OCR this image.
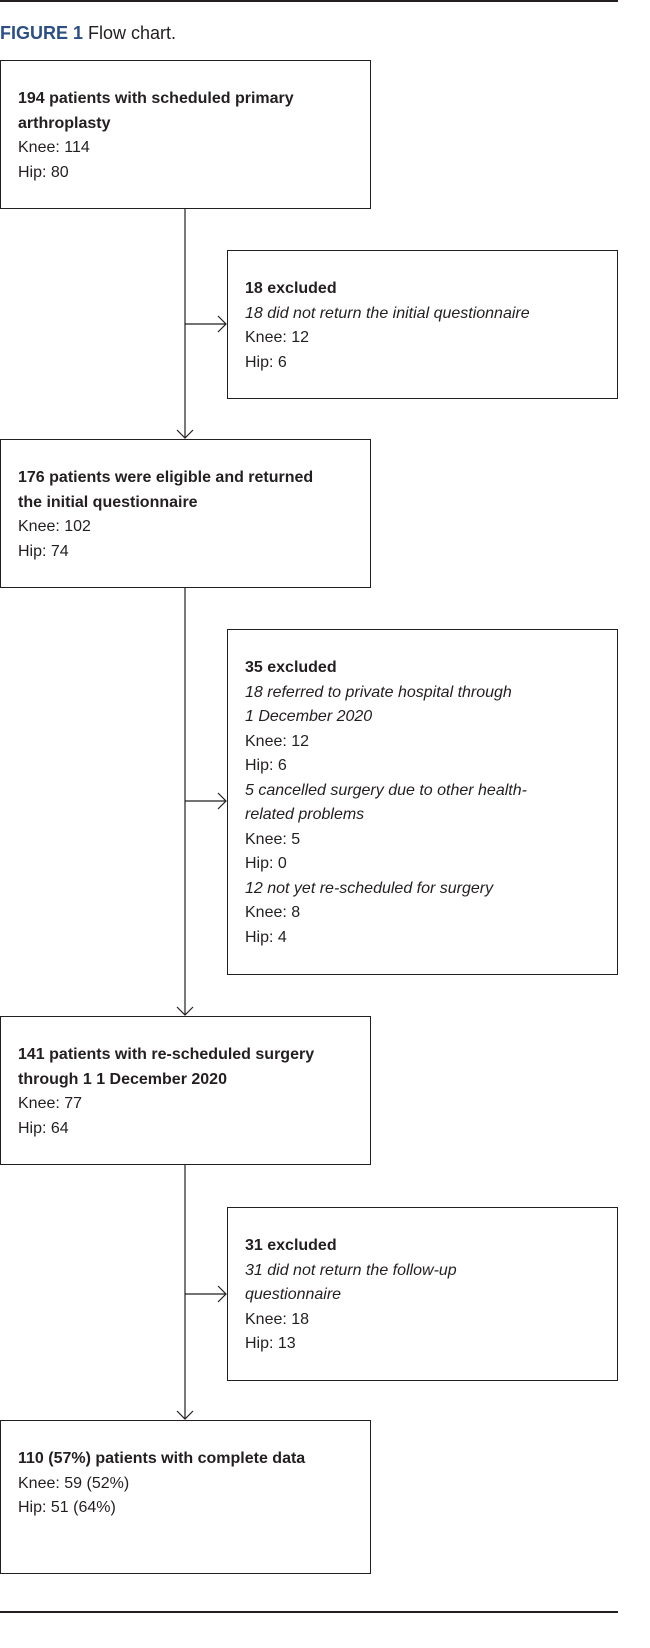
FIGURE 1 Flow chart.
194 patients with scheduled primary
arthroplasty
Knee: 114
Hip: 80
18 excluded
18 did not return the initial questionnaire
Knee: 12
Hip: 6
176 patients were eligible and returned
the initial questionnaire
Knee: 102
Hip: 74
35 excluded
18 referred to private hospital through
1 December 2020
Knee: 12
Hip: 6
5 cancelled surgery due to other health-
related problems
Knee: 5
Hip: 0
12 not yet re-scheduled for surgery
Knee: 8
Hip: 4
141 patients with re-scheduled surgery
through 1 1 December 2020
Knee: 77
Hip: 64
31 excluded
31 did not return the follow-up
questionnaire
Knee: 18
Hip: 13
110 (57%) patients with complete data
Knee: 59 (52%)
Hip: 51 (64%)
